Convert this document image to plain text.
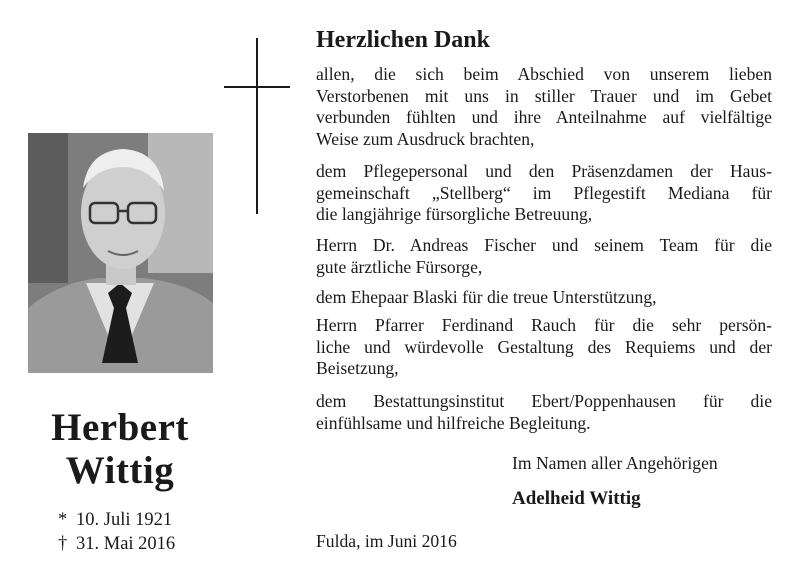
Herbert
Wittig
* 10. Juli 1921
† 31. Mai 2016
Herzlichen Dank
allen, die sich beim Abschied von unserem lieben
Verstorbenen mit uns in stiller Trauer und im Gebet
verbunden fühlten und ihre Anteilnahme auf vielfältige
Weise zum Ausdruck brachten,
dem Pflegepersonal und den Präsenzdamen der Haus-
gemeinschaft „Stellberg“ im Pflegestift Mediana für
die langjährige fürsorgliche Betreuung,
Herrn Dr. Andreas Fischer und seinem Team für die
gute ärztliche Fürsorge,
dem Ehepaar Blaski für die treue Unterstützung,
Herrn Pfarrer Ferdinand Rauch für die sehr persön-
liche und würdevolle Gestaltung des Requiems und der
Beisetzung,
dem Bestattungsinstitut Ebert/Poppenhausen für die
einfühlsame und hilfreiche Begleitung.
Im Namen aller Angehörigen
Adelheid Wittig
Fulda, im Juni 2016
